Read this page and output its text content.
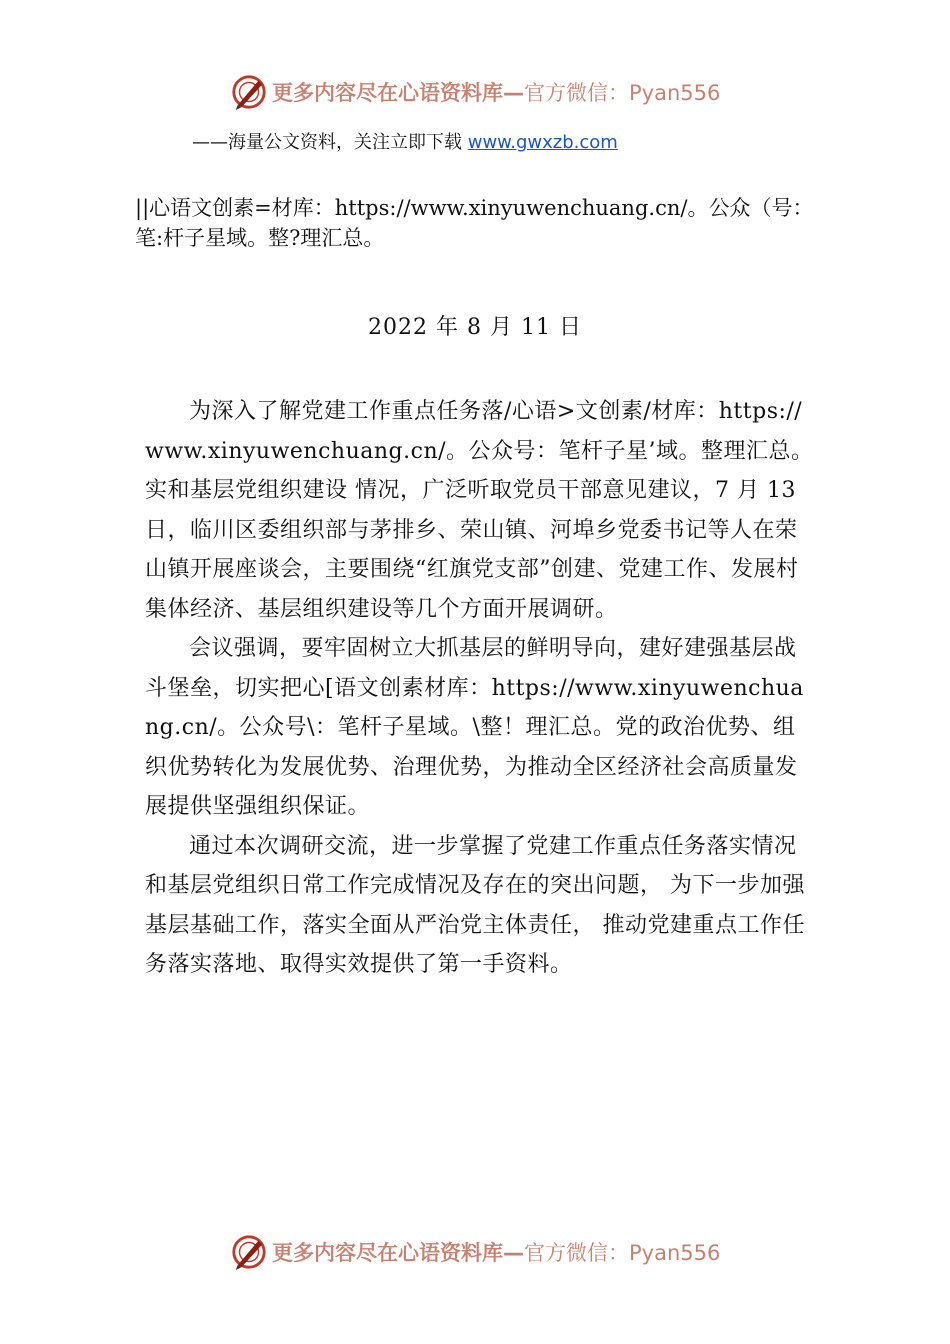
更多内容尽在心语资料库— 官方微信：Pyan556
——海量公文资料，关注立即下载 www.gwxzb.com
||心语文创素=材库：https://www.xinyuwenchuang.cn/。公众（号：笔:杆子星域。整?理汇总。
2022 年 8 月 11 日

为深入了解党建工作重点任务落/心语>文创素/材库：https://www.xinyuwenchuang.cn/。公众号：笔杆子星’域。整理汇总。实和基层党组织建设 情况，广泛听取党员干部意见建议，7 月 13 日，临川区委组织部与茅排乡、荣山镇、河埠乡党委书记等人在荣山镇开展座谈会，主要围绕“红旗党支部”创建、党建工作、发展村集体经济、基层组织建设等几个方面开展调研。

会议强调，要牢固树立大抓基层的鲜明导向，建好建强基层战斗堡垒，切实把心[语文创素材库：https://www.xinyuwenchuang.cn/。公众号\：笔杆子星域。\整！理汇总。党的政治优势、组织优势转化为发展优势、治理优势，为推动全区经济社会高质量发展提供坚强组织保证。

通过本次调研交流，进一步掌握了党建工作重点任务落实情况和基层党组织日常工作完成情况及存在的突出问题， 为下一步加强基层基础工作，落实全面从严治党主体责任， 推动党建重点工作任务落实落地、取得实效提供了第一手资料。

更多内容尽在心语资料库— 官方微信：Pyan556
